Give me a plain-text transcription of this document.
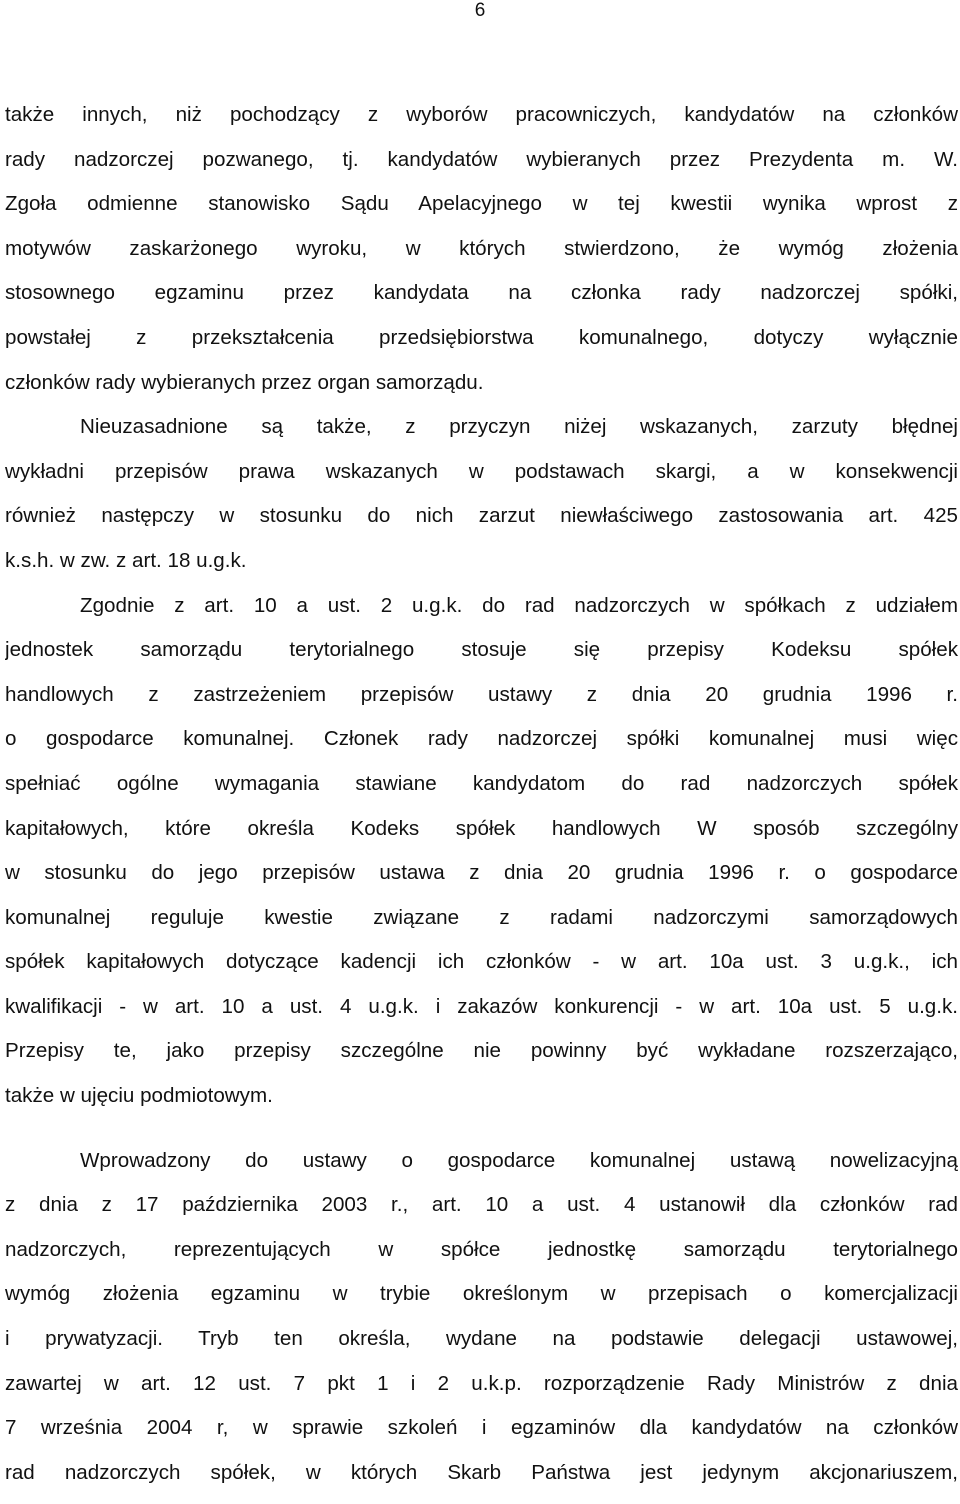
6
także innych, niż pochodzący z wyborów pracowniczych, kandydatów na członków
rady nadzorczej pozwanego, tj. kandydatów wybieranych przez Prezydenta m. W.
Zgoła odmienne stanowisko Sądu Apelacyjnego w tej kwestii wynika wprost z
motywów zaskarżonego wyroku, w których stwierdzono, że wymóg złożenia
stosownego egzaminu przez kandydata na członka rady nadzorczej spółki,
powstałej z przekształcenia przedsiębiorstwa komunalnego, dotyczy wyłącznie
członków rady wybieranych przez organ samorządu.
Nieuzasadnione są także, z przyczyn niżej wskazanych, zarzuty błędnej
wykładni przepisów prawa wskazanych w podstawach skargi, a w konsekwencji
również następczy w stosunku do nich zarzut niewłaściwego zastosowania art. 425
k.s.h. w zw. z art. 18 u.g.k.
Zgodnie z art. 10 a ust. 2 u.g.k. do rad nadzorczych w spółkach z udziałem
jednostek samorządu terytorialnego stosuje się przepisy Kodeksu spółek
handlowych z zastrzeżeniem przepisów ustawy z dnia 20 grudnia 1996 r.
o gospodarce komunalnej. Członek rady nadzorczej spółki komunalnej musi więc
spełniać ogólne wymagania stawiane kandydatom do rad nadzorczych spółek
kapitałowych, które określa Kodeks spółek handlowych W sposób szczególny
w stosunku do jego przepisów ustawa z dnia 20 grudnia 1996 r. o gospodarce
komunalnej reguluje kwestie związane z radami nadzorczymi samorządowych
spółek kapitałowych dotyczące kadencji ich członków - w art. 10a ust. 3 u.g.k., ich
kwalifikacji - w art. 10 a ust. 4 u.g.k. i zakazów konkurencji - w art. 10a ust. 5 u.g.k.
Przepisy te, jako przepisy szczególne nie powinny być wykładane rozszerzająco,
także w ujęciu podmiotowym.
Wprowadzony do ustawy o gospodarce komunalnej ustawą nowelizacyjną
z dnia z 17 października 2003 r., art. 10 a ust. 4 ustanowił dla członków rad
nadzorczych, reprezentujących w spółce jednostkę samorządu terytorialnego
wymóg złożenia egzaminu w trybie określonym w przepisach o komercjalizacji
i prywatyzacji. Tryb ten określa, wydane na podstawie delegacji ustawowej,
zawartej w art. 12 ust. 7 pkt 1 i 2 u.k.p. rozporządzenie Rady Ministrów z dnia
7 września 2004 r, w sprawie szkoleń i egzaminów dla kandydatów na członków
rad nadzorczych spółek, w których Skarb Państwa jest jedynym akcjonariuszem,
